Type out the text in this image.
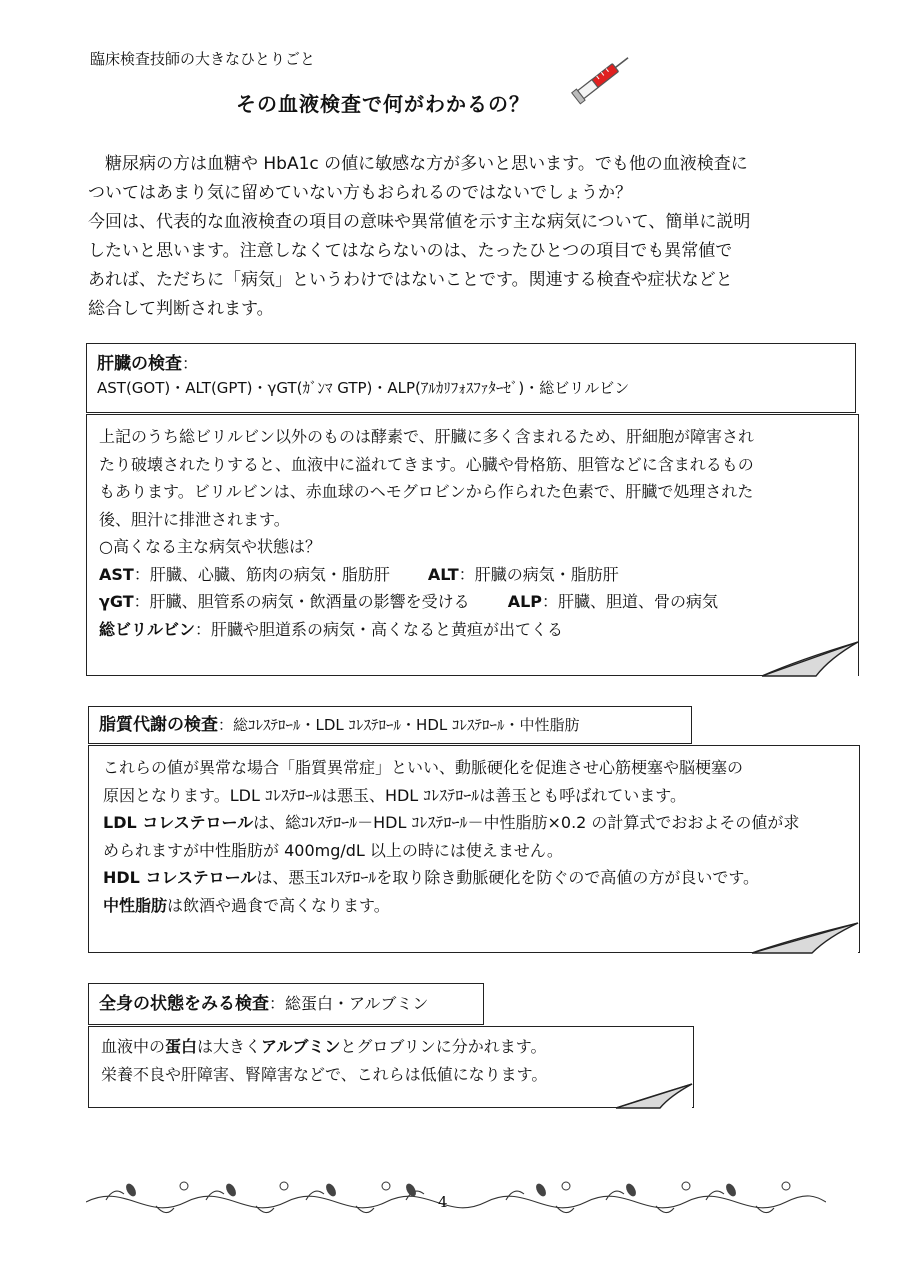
臨床検査技師の大きなひとりごと
その血液検査で何がわかるの？

　糖尿病の方は血糖や HbA1c の値に敏感な方が多いと思います。でも他の血液検査に

ついてはあまり気に留めていない方もおられるのではないでしょうか？

今回は、代表的な血液検査の項目の意味や異常値を示す主な病気について、簡単に説明

したいと思います。注意しなくてはならないのは、たったひとつの項目でも異常値で

あれば、ただちに「病気」というわけではないことです。関連する検査や症状などと

総合して判断されます。

肝臓の検査：
AST(GOT)・ALT(GPT)・γGT(ｶﾞﾝﾏ GTP)・ALP(ｱﾙｶﾘﾌｫｽﾌｧﾀｰｾﾞ)・総ビリルビン

上記のうち総ビリルビン以外のものは酵素で、肝臓に多く含まれるため、肝細胞が障害され

たり破壊されたりすると、血液中に溢れてきます。心臓や骨格筋、胆管などに含まれるもの

もあります。ビリルビンは、赤血球のヘモグロビンから作られた色素で、肝臓で処理された

後、胆汁に排泄されます。

○高くなる主な病気や状態は？

AST：肝臓、心臓、筋肉の病気・脂肪肝 ALT：肝臓の病気・脂肪肝

γGT：肝臓、胆管系の病気・飲酒量の影響を受ける ALP：肝臓、胆道、骨の病気

総ビリルビン：肝臓や胆道系の病気・高くなると黄疸が出てくる

脂質代謝の検査：総ｺﾚｽﾃﾛｰﾙ・LDL ｺﾚｽﾃﾛｰﾙ・HDL ｺﾚｽﾃﾛｰﾙ・中性脂肪

これらの値が異常な場合「脂質異常症」といい、動脈硬化を促進させ心筋梗塞や脳梗塞の

原因となります。LDL ｺﾚｽﾃﾛｰﾙは悪玉、HDL ｺﾚｽﾃﾛｰﾙは善玉とも呼ばれています。

LDL コレステロールは、総ｺﾚｽﾃﾛｰﾙ－HDL ｺﾚｽﾃﾛｰﾙ－中性脂肪×0.2 の計算式でおおよその値が求

められますが中性脂肪が 400mg/dL 以上の時には使えません。

HDL コレステロールは、悪玉ｺﾚｽﾃﾛｰﾙを取り除き動脈硬化を防ぐので高値の方が良いです。

中性脂肪は飲酒や過食で高くなります。

全身の状態をみる検査：総蛋白・アルブミン

血液中の蛋白は大きくアルブミンとグロブリンに分かれます。

栄養不良や肝障害、腎障害などで、これらは低値になります。

4
